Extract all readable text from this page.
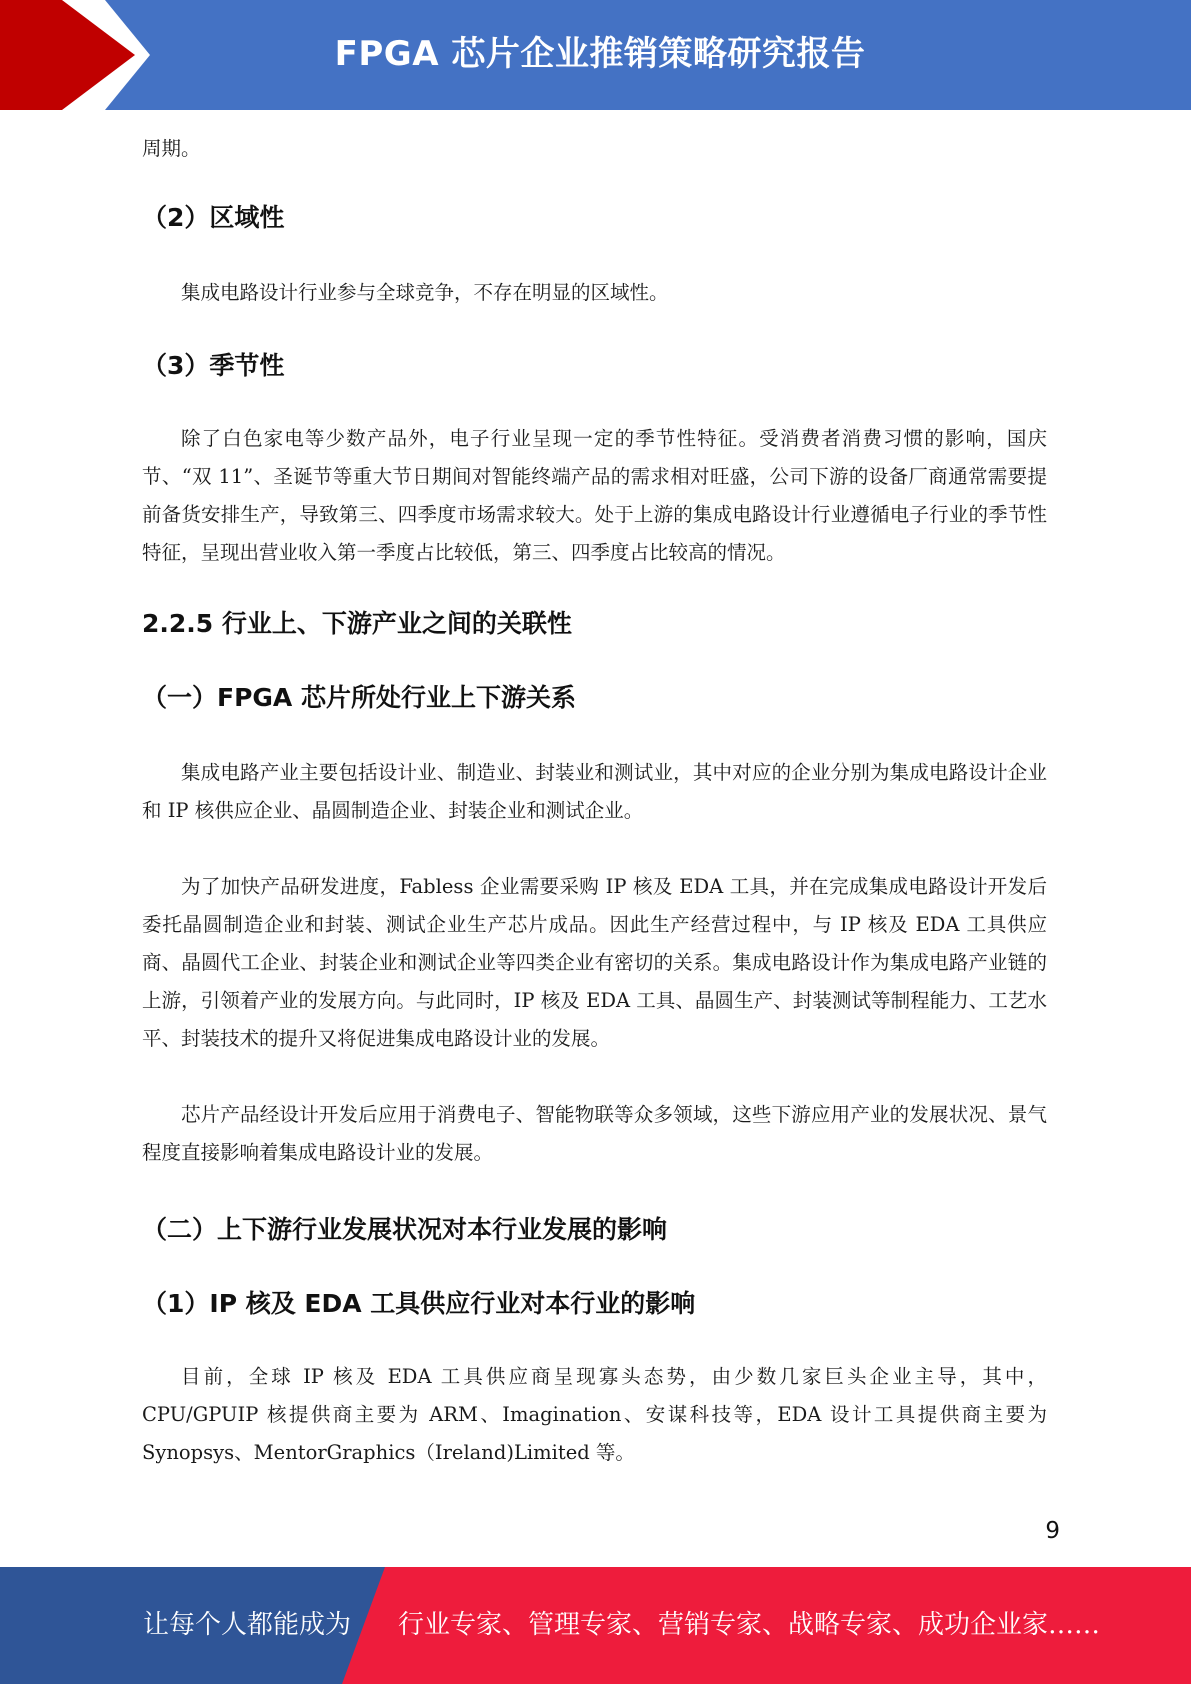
FPGA 芯片企业推销策略研究报告

周期。

（2）区域性

集成电路设计行业参与全球竞争，不存在明显的区域性。

（3）季节性

除了白色家电等少数产品外，电子行业呈现一定的季节性特征。受消费者消费习惯的影响，国庆节、“双 11”、圣诞节等重大节日期间对智能终端产品的需求相对旺盛，公司下游的设备厂商通常需要提前备货安排生产，导致第三、四季度市场需求较大。处于上游的集成电路设计行业遵循电子行业的季节性特征，呈现出营业收入第一季度占比较低，第三、四季度占比较高的情况。

2.2.5 行业上、下游产业之间的关联性
（一）FPGA 芯片所处行业上下游关系

集成电路产业主要包括设计业、制造业、封装业和测试业，其中对应的企业分别为集成电路设计企业和 IP 核供应企业、晶圆制造企业、封装企业和测试企业。

为了加快产品研发进度，Fabless 企业需要采购 IP 核及 EDA 工具，并在完成集成电路设计开发后委托晶圆制造企业和封装、测试企业生产芯片成品。因此生产经营过程中，与 IP 核及 EDA 工具供应商、晶圆代工企业、封装企业和测试企业等四类企业有密切的关系。集成电路设计作为集成电路产业链的上游，引领着产业的发展方向。与此同时，IP 核及 EDA 工具、晶圆生产、封装测试等制程能力、工艺水平、封装技术的提升又将促进集成电路设计业的发展。

芯片产品经设计开发后应用于消费电子、智能物联等众多领域，这些下游应用产业的发展状况、景气程度直接影响着集成电路设计业的发展。

（二）上下游行业发展状况对本行业发展的影响
（1）IP 核及 EDA 工具供应行业对本行业的影响

目前，全球 IP 核及 EDA 工具供应商呈现寡头态势，由少数几家巨头企业主导，其中，CPU/GPUIP 核提供商主要为 ARM、Imagination、安谋科技等，EDA 设计工具提供商主要为 Synopsys、MentorGraphics（Ireland)Limited 等。

9
让每个人都能成为 行业专家、管理专家、营销专家、战略专家、成功企业家……
